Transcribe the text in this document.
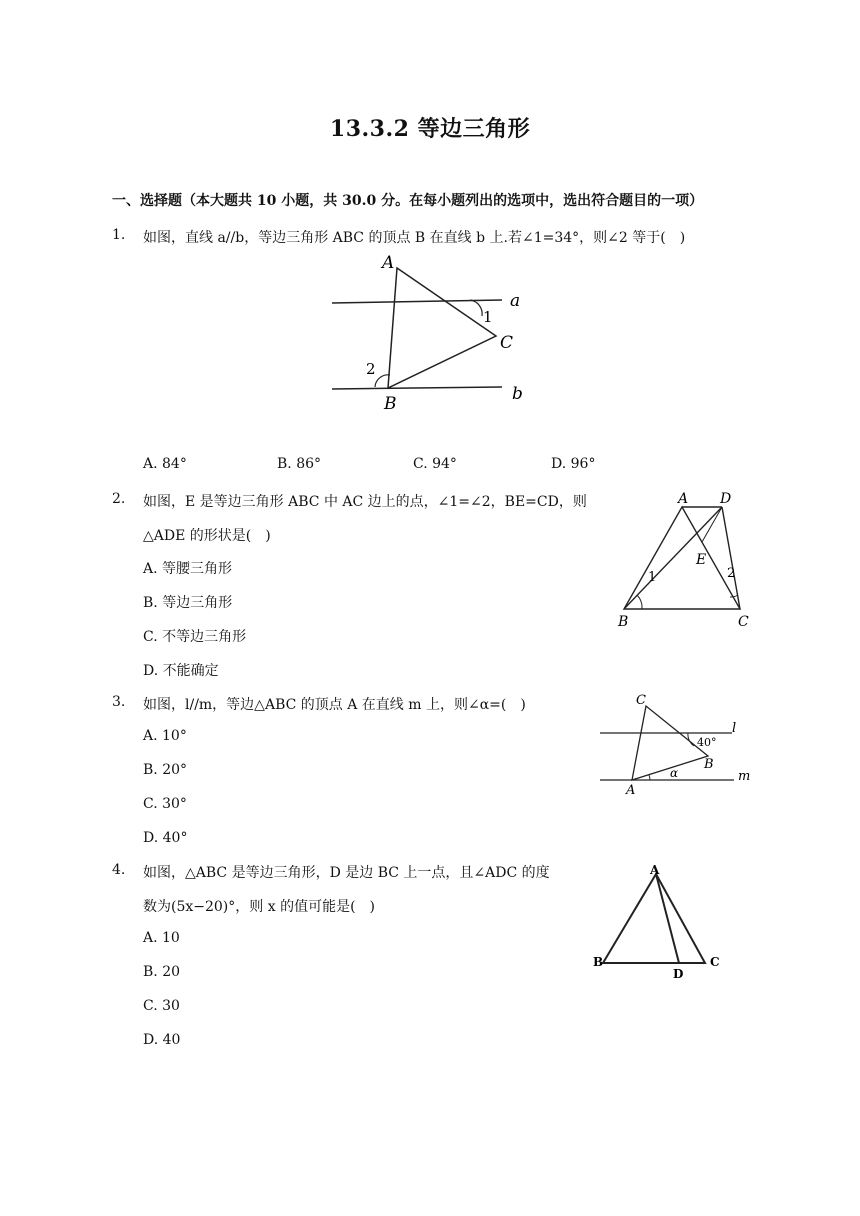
13.3.2 等边三角形
一、选择题（本大题共 10 小题，共 30.0 分。在每小题列出的选项中，选出符合题目的一项）
1. 如图，直线 a//b，等边三角形 ABC 的顶点 B 在直线 b 上.若∠1=34°，则∠2 等于(　)
A
a
1
C
2
B	b
A. 84°	B. 86°	C. 94°	D. 96°
2. 如图，E 是等边三角形 ABC 中 AC 边上的点，∠1=∠2，BE=CD，则
△ADE 的形状是(　)
A. 等腰三角形
B. 等边三角形
C. 不等边三角形
D. 不能确定
A D
E
1	2
B	C
3. 如图，l//m，等边△ABC 的顶点 A 在直线 m 上，则∠α=(　)
A. 10°
B. 20°
C. 30°
D. 40°
C
l
40°
B
α	m
A
4. 如图，△ABC 是等边三角形，D 是边 BC 上一点，且∠ADC 的度
数为(5x−20)°，则 x 的值可能是(　)
A. 10
B. 20
C. 30
D. 40
A
B
D
C
